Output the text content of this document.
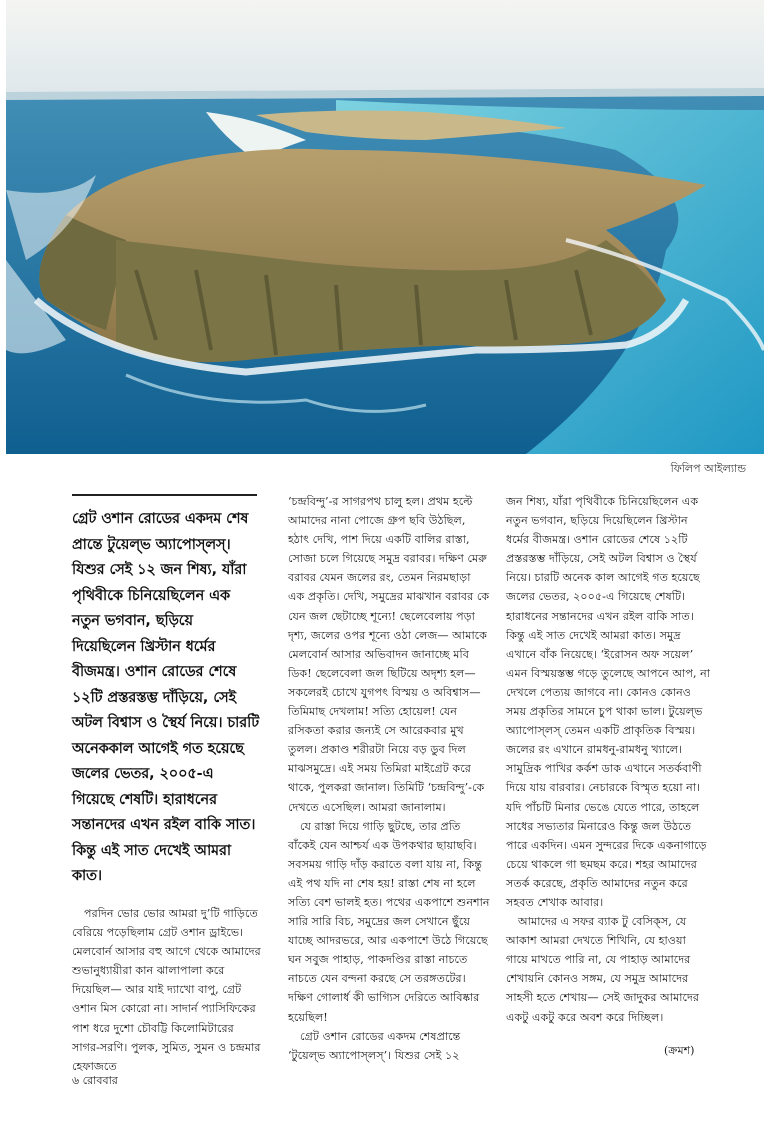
ফিলিপ আইল্যান্ড
গ্রেট ওশান রোডের একদম শেষ প্রান্তে টুয়েল্ভ অ্যাপোস্‌লস্‌। যিশুর সেই ১২ জন শিষ্য, যাঁরা পৃথিবীকে চিনিয়েছিলেন এক নতুন ভগবান, ছড়িয়ে দিয়েছিলেন খ্রিস্টান ধর্মের বীজমন্ত্র। ওশান রোডের শেষে ১২টি প্রস্তরস্তম্ভ দাঁড়িয়ে, সেই অটল বিশ্বাস ও স্থৈর্য নিয়ে। চারটি অনেককাল আগেই গত হয়েছে জলের ভেতর, ২০০৫-এ গিয়েছে শেষটি। হারাধনের সন্তানদের এখন রইল বাকি সাত। কিন্তু এই সাত দেখেই আমরা কাত।

পরদিন ভোর ভোর আমরা দু’টি গাড়িতে বেরিয়ে পড়েছিলাম গ্রেট ওশান ড্রাইভে। মেলবোর্ন আসার বহু আগে থেকে আমাদের শুভানুধ্যায়ীরা কান ঝালাপালা করে দিয়েছিল— আর যাই দ্যাখো বাপু, গ্রেট ওশান মিস কোরো না। সাদার্ন প্যাসিফিকের পাশ ধরে দুশো চৌবট্টি কিলোমিটারের সাগর-সরণি। পুলক, সুমিত, সুমন ও চন্দ্রমার হেফাজতে

‘চন্দ্রবিন্দু’-র সাগরপথ চালু হল। প্রথম হল্টে আমাদের নানা পোজে গ্রুপ ছবি উঠছিল, হঠাৎ দেখি, পাশ দিয়ে একটি বালির রাস্তা, সোজা চলে গিয়েছে সমুদ্র বরাবর। দক্ষিণ মেরু বরাবর যেমন জলের রং, তেমন নিরমছাড়া এক প্রকৃতি। দেখি, সমুদ্রের মাঝখান বরাবর কে যেন জল ছেটাচ্ছে শূন্যে! ছেলেবেলায় পড়া দৃশ্য, জলের ওপর শূন্যে ওঠা লেজ— আমাকে মেলবোর্ন আসার অভিবাদন জানাচ্ছে মবি ডিক! ছেলেবেলা জল ছিটিয়ে অদৃশ্য হল— সকলেরই চোখে যুগপৎ বিস্ময় ও অবিশ্বাস— তিমিমাছ দেখলাম! সত্যি হোয়েল! যেন রসিকতা করার জন্যই সে আরেকবার মুখ তুলল। প্রকাণ্ড শরীরটা নিয়ে বড় ডুব দিল মাঝসমুদ্রে। এই সময় তিমিরা মাইগ্রেট করে থাকে, পুলকরা জানাল। তিমিটি ‘চন্দ্রবিন্দু’-কে দেখতে এসেছিল। আমরা জানালাম।

যে রাস্তা দিয়ে গাড়ি ছুটছে, তার প্রতি বাঁকেই যেন আশ্চর্য এক উপকথার ছায়াছবি। সবসময় গাড়ি দাঁড় করাতে বলা যায় না, কিন্তু এই পথ যদি না শেষ হয়! রাস্তা শেষ না হলে সত্যি বেশ ভালই হত। পথের একপাশে শুনশান সারি সারি বিচ, সমুদ্রের জল সেখানে ছুঁয়ে যাচ্ছে আদরভরে, আর একপাশে উঠে গিয়েছে ঘন সবুজ পাহাড়, পাকদণ্ডির রাস্তা নাচতে নাচতে যেন বন্দনা করছে সে তরঙ্গতটের। দক্ষিণ গোলার্ধ কী ভাগ্যিস দেরিতে আবিষ্কার হয়েছিল!

গ্রেট ওশান রোডের একদম শেষপ্রান্তে ‘টুয়েল্ভ অ্যাপোস্‌লস্‌’। যিশুর সেই ১২

জন শিষ্য, যাঁরা পৃথিবীকে চিনিয়েছিলেন এক নতুন ভগবান, ছড়িয়ে দিয়েছিলেন খ্রিস্টান ধর্মের বীজমন্ত্র। ওশান রোডের শেষে ১২টি প্রস্তরস্তম্ভ দাঁড়িয়ে, সেই অটল বিশ্বাস ও স্থৈর্য নিয়ে। চারটি অনেক কাল আগেই গত হয়েছে জলের ভেতর, ২০০৫-এ গিয়েছে শেষটি। হারাধনের সন্তানদের এখন রইল বাকি সাত। কিন্তু এই সাত দেখেই আমরা কাত। সমুদ্র এখানে বাঁক নিয়েছে। ‘ইরোসন অফ সয়েল’ এমন বিস্ময়স্তম্ভ গড়ে তুলেছে আপনে আপ, না দেখলে পেত্যয় জাগবে না। কোনও কোনও সময় প্রকৃতির সামনে চুপ থাকা ভাল। টুয়েল্ভ অ্যাপোস্‌লস্‌ তেমন একটি প্রাকৃতিক বিস্ময়। জলের রং এখানে রামধনু-রামধনু খ্যালে। সামুদ্রিক পাখির কর্কশ ডাক এখানে সতর্কবাণী দিয়ে যায় বারবার। নেচারকে বিস্মৃত হয়ো না। যদি পাঁচটি মিনার ভেঙে যেতে পারে, তাহলে সাধের সভ্যতার মিনারেও কিন্তু জল উঠতে পারে একদিন। এমন সুন্দরের দিকে একনাগাড়ে চেয়ে থাকলে গা ছমছম করে। শহর আমাদের সতর্ক করেছে, প্রকৃতি আমাদের নতুন করে সহবত শেখাক আবার।

আমাদের এ সফর ব্যাক টু বেসিক্‌স, যে আকাশ আমরা দেখতে শিখিনি, যে হাওয়া গায়ে মাখতে পারি না, যে পাহাড় আমাদের শেখায়নি কোনও সঙ্গম, যে সমুদ্র আমাদের সাহসী হতে শেখায়— সেই জাদুকর আমাদের একটু একটু করে অবশ করে দিচ্ছিল।

(ক্রমশ)
৬ রোববার
